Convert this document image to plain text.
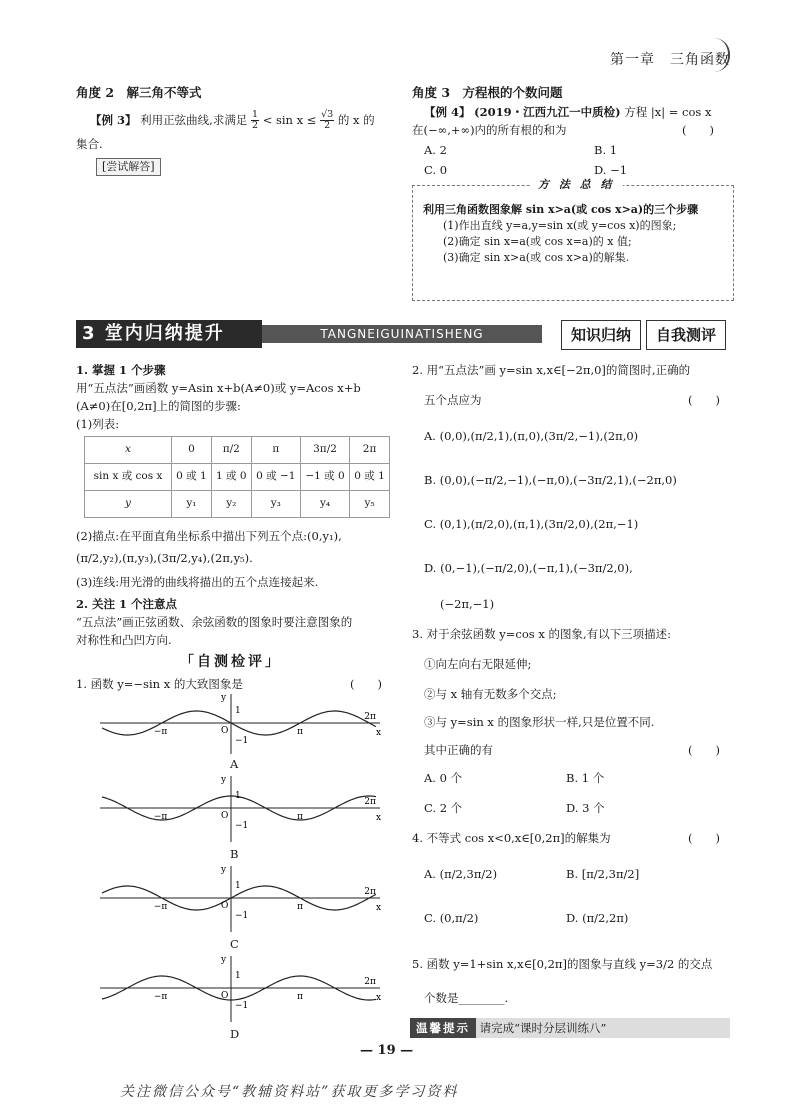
第一章　三角函数
角度 2　解三角不等式
【例 3】 利用正弦曲线,求满足 $\frac{1}{2} < \sin x \le \frac{√3}{2}$ 的 x 的
集合.
[尝试解答]
角度 3　方程根的个数问题
【例 4】 (2019・江西九江一中质检) 方程 |x| = cos x
在(−∞,+∞)内的所有根的和为	(　　)
A. 2	B. 1
C. 0	D. −1
利用三角函数图象解 sin x>a(或 cos x>a)的三个步骤
(1)作出直线 y=a,y=sin x(或 y=cos x)的图象;
(2)确定 sin x=a(或 cos x=a)的 x 值;
(3)确定 sin x>a(或 cos x>a)的解集.
方 法 总 结
3 堂内归纳提升	TANGNEIGUINATISHENG	知识归纳	自我测评
1. 掌握 1 个步骤
用“五点法”画函数 y=Asin x+b(A≠0)或 y=Acos x+b
(A≠0)在[0,2π]上的简图的步骤:
(1)列表:
x	0	π/2	π	3π/2	2π
sin x 或 cos x	0 或 1	1 或 0	0 或 −1	−1 或 0	0 或 1
y	y₁	y₂	y₃	y₄	y₅
(2)描点:在平面直角坐标系中描出下列五个点:(0,y₁),
(π/2,y₂),(π,y₃),(3π/2,y₄),(2π,y₅).
(3)连线:用光滑的曲线将描出的五个点连接起来.
2. 关注 1 个注意点
“五点法”画正弦函数、余弦函数的图象时要注意图象的
对称性和凸凹方向.
「自测检评」
1. 函数 y=−sin x 的大致图象是	(　　)
y
x
O
1
−1
−π	π
2π
A
y
x
O
1
−1
−π	π
2π
B
y
x
O
1
−1
−π	π
2π
C
y
x
O
1
−1
−π	π
2π
D
2. 用“五点法”画 y=sin x,x∈[−2π,0]的简图时,正确的
五个点应为	(　　)
A. (0,0),(π/2,1),(π,0),(3π/2,−1),(2π,0)
B. (0,0),(−π/2,−1),(−π,0),(−3π/2,1),(−2π,0)
C. (0,1),(π/2,0),(π,1),(3π/2,0),(2π,−1)
D. (0,−1),(−π/2,0),(−π,1),(−3π/2,0),
(−2π,−1)
3. 对于余弦函数 y=cos x 的图象,有以下三项描述:
①向左向右无限延伸;
②与 x 轴有无数多个交点;
③与 y=sin x 的图象形状一样,只是位置不同.
其中正确的有	(　　)
A. 0 个	B. 1 个
C. 2 个	D. 3 个
4. 不等式 cos x<0,x∈[0,2π]的解集为	(　　)
A. (π/2,3π/2)	B. [π/2,3π/2]
C. (0,π/2)	D. (π/2,2π)
5. 函数 y=1+sin x,x∈[0,2π]的图象与直线 y=3/2 的交点
个数是________.
温馨提示 请完成“课时分层训练八”
— 19 —
关注微信公众号“教辅资料站”获取更多学习资料
